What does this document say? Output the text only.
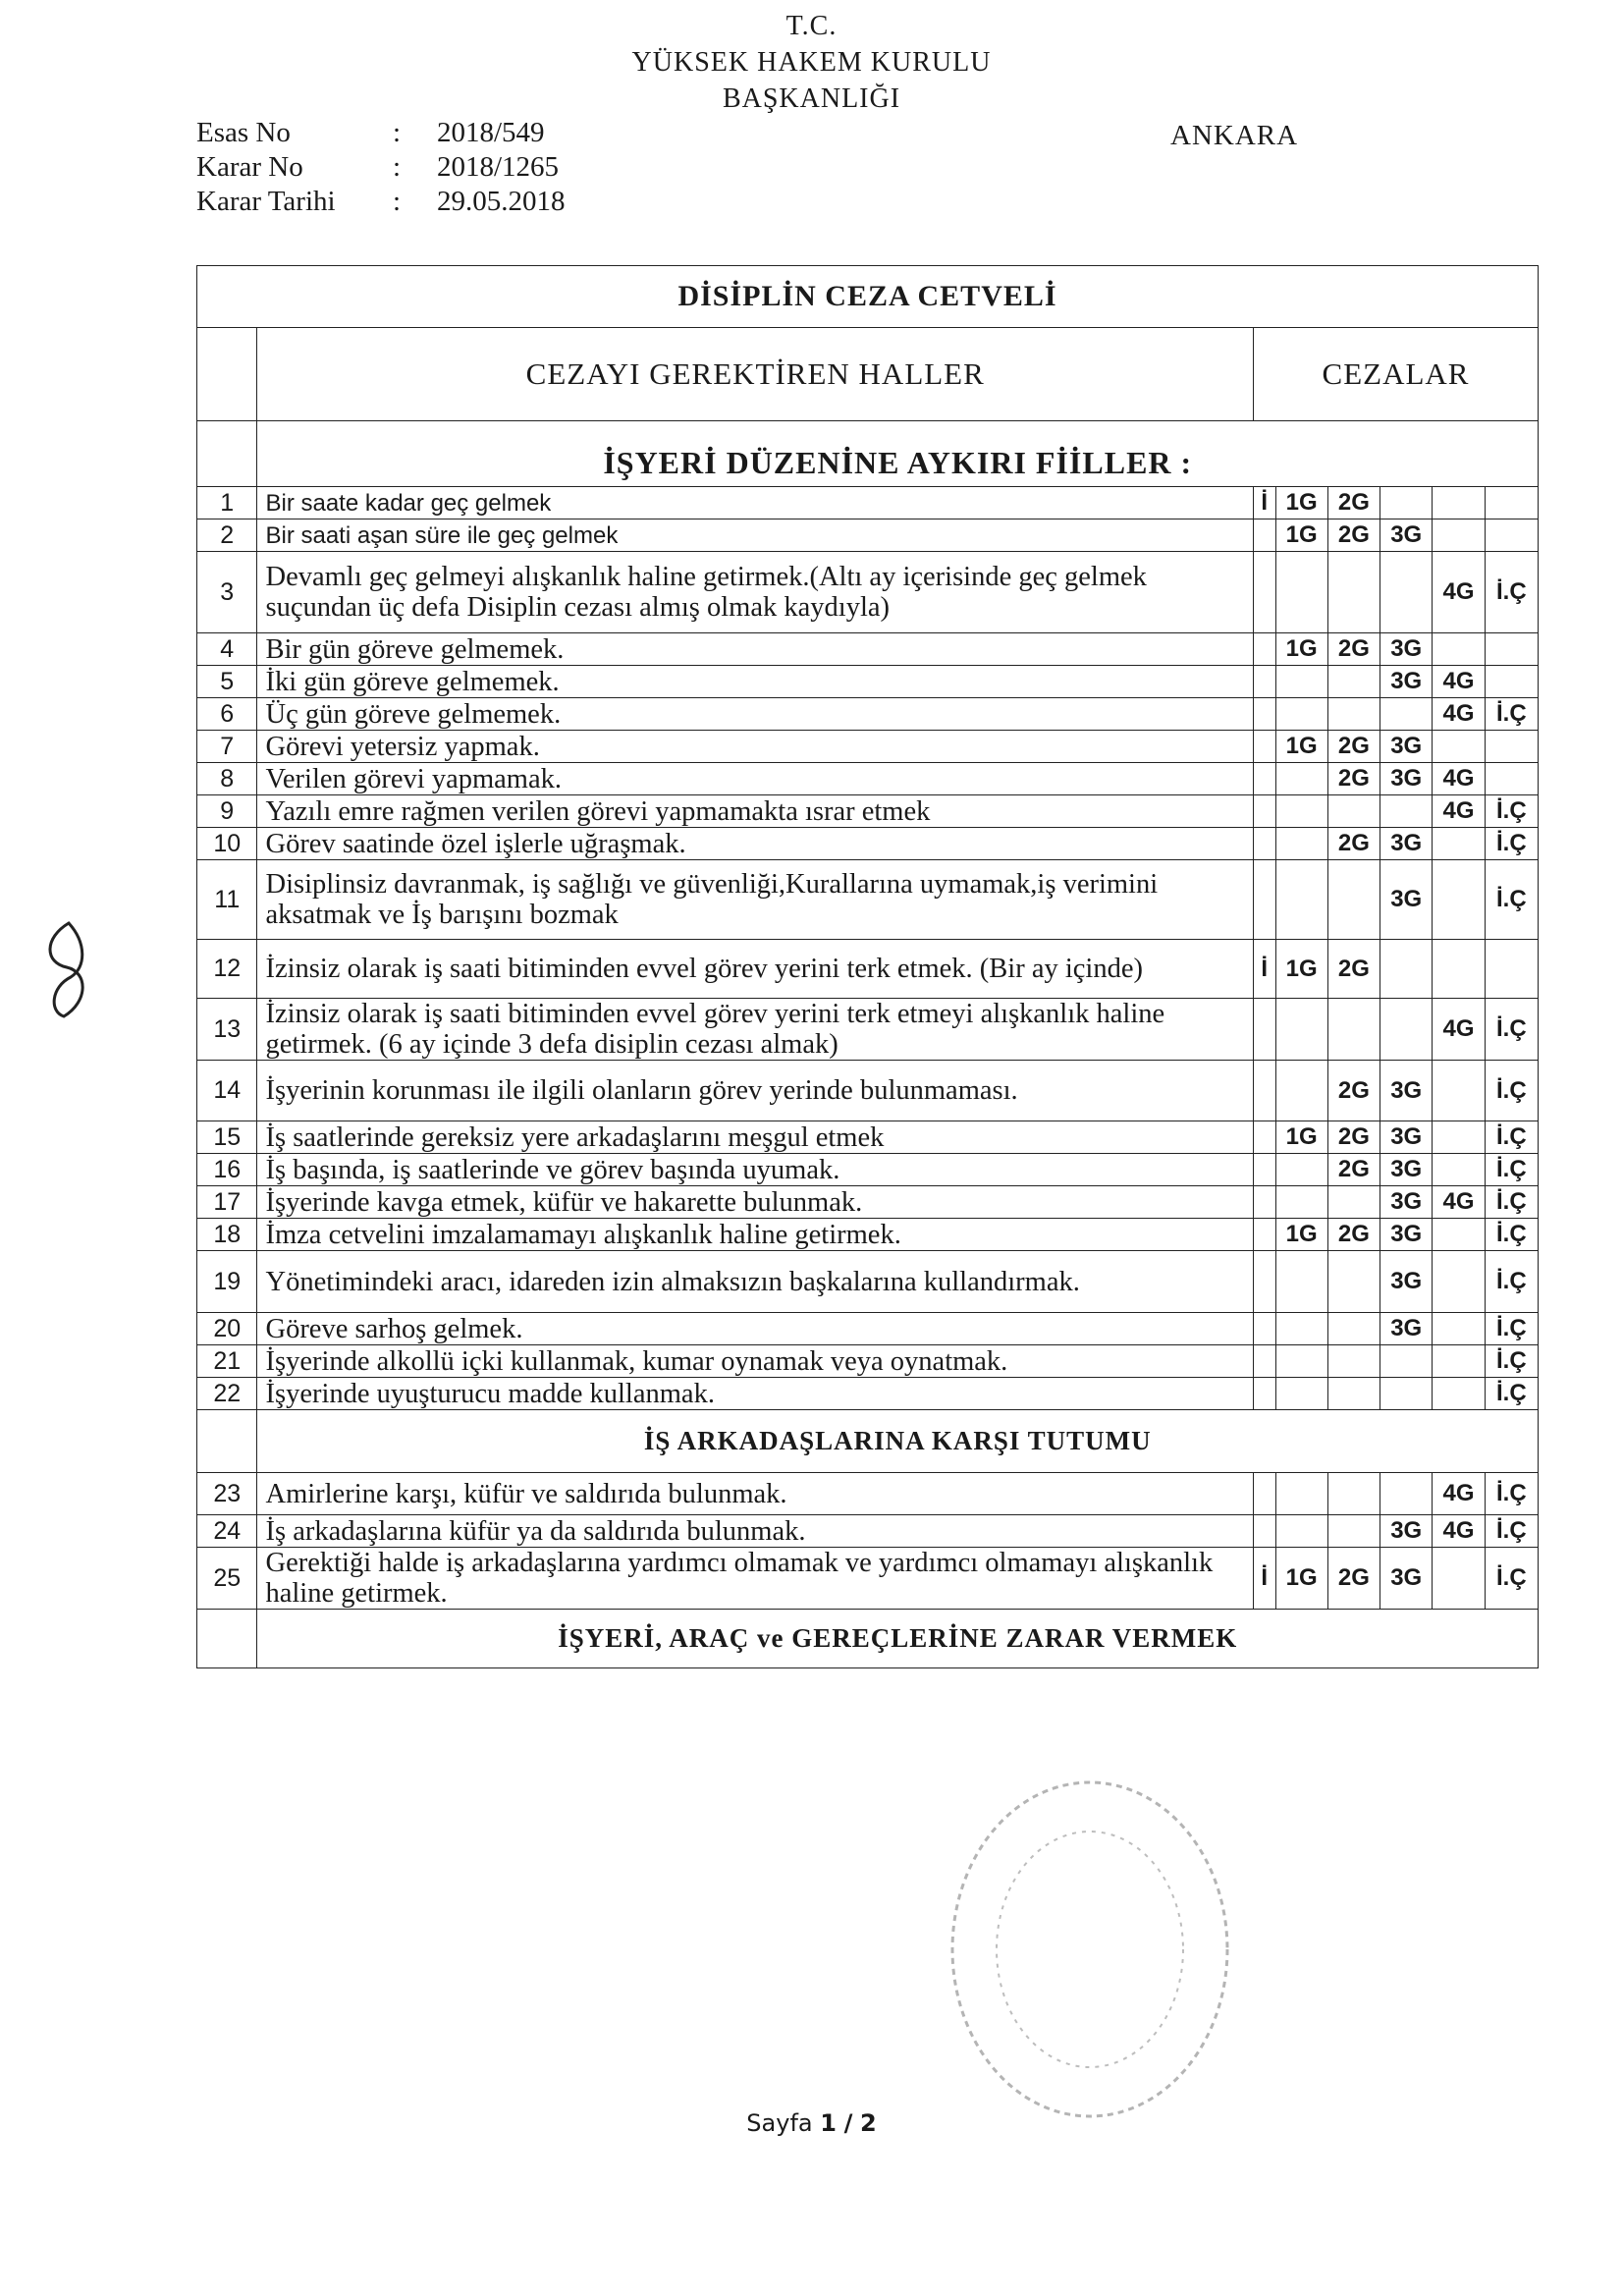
T.C.
YÜKSEK HAKEM KURULU
BAŞKANLIĞI
ANKARA
Esas No	:	2018/549
Karar No	:	2018/1265
Karar Tarihi	:	29.05.2018
DİSİPLİN CEZA CETVELİ							
	CEZAYI GEREKTİREN HALLER	CEZALAR					
	İŞYERİ DÜZENİNE AYKIRI FİİLLER :						
1	Bir saate kadar geç gelmek	İ	1G	2G			
2	Bir saati aşan süre ile geç gelmek		1G	2G	3G		
3	Devamlı geç gelmeyi alışkanlık haline getirmek.(Altı ay içerisinde geç gelmek suçundan üç defa Disiplin cezası almış olmak kaydıyla)					4G	İ.Ç
4	Bir gün göreve gelmemek.		1G	2G	3G		
5	İki gün göreve gelmemek.				3G	4G	
6	Üç gün göreve gelmemek.					4G	İ.Ç
7	Görevi yetersiz yapmak.		1G	2G	3G		
8	Verilen görevi yapmamak.			2G	3G	4G	
9	Yazılı emre rağmen verilen görevi yapmamakta ısrar etmek					4G	İ.Ç
10	Görev saatinde özel işlerle uğraşmak.			2G	3G		İ.Ç
11	Disiplinsiz davranmak, iş sağlığı ve güvenliği,Kurallarına uymamak,iş verimini aksatmak ve İş barışını bozmak				3G		İ.Ç
12	İzinsiz olarak iş saati bitiminden evvel görev yerini terk etmek. (Bir ay içinde)	İ	1G	2G			
13	İzinsiz olarak iş saati bitiminden evvel görev yerini terk etmeyi alışkanlık haline getirmek. (6 ay içinde 3 defa disiplin cezası almak)					4G	İ.Ç
14	İşyerinin korunması ile ilgili olanların görev yerinde bulunmaması.			2G	3G		İ.Ç
15	İş saatlerinde gereksiz yere arkadaşlarını meşgul etmek		1G	2G	3G		İ.Ç
16	İş başında, iş saatlerinde ve görev başında uyumak.			2G	3G		İ.Ç
17	İşyerinde kavga etmek, küfür ve hakarette bulunmak.				3G	4G	İ.Ç
18	İmza cetvelini imzalamamayı alışkanlık haline getirmek.		1G	2G	3G		İ.Ç
19	Yönetimindeki aracı, idareden izin almaksızın başkalarına kullandırmak.				3G		İ.Ç
20	Göreve sarhoş gelmek.				3G		İ.Ç
21	İşyerinde alkollü içki kullanmak, kumar oynamak veya oynatmak.						İ.Ç
22	İşyerinde uyuşturucu madde kullanmak.						İ.Ç
	İŞ ARKADAŞLARINA KARŞI TUTUMU						
23	Amirlerine karşı, küfür ve saldırıda bulunmak.					4G	İ.Ç
24	İş arkadaşlarına küfür ya da saldırıda bulunmak.				3G	4G	İ.Ç
25	Gerektiği halde iş arkadaşlarına yardımcı olmamak ve yardımcı olmamayı alışkanlık haline getirmek.	İ	1G	2G	3G		İ.Ç
	İŞYERİ, ARAÇ ve GEREÇLERİNE ZARAR VERMEK						
Sayfa 1 / 2
